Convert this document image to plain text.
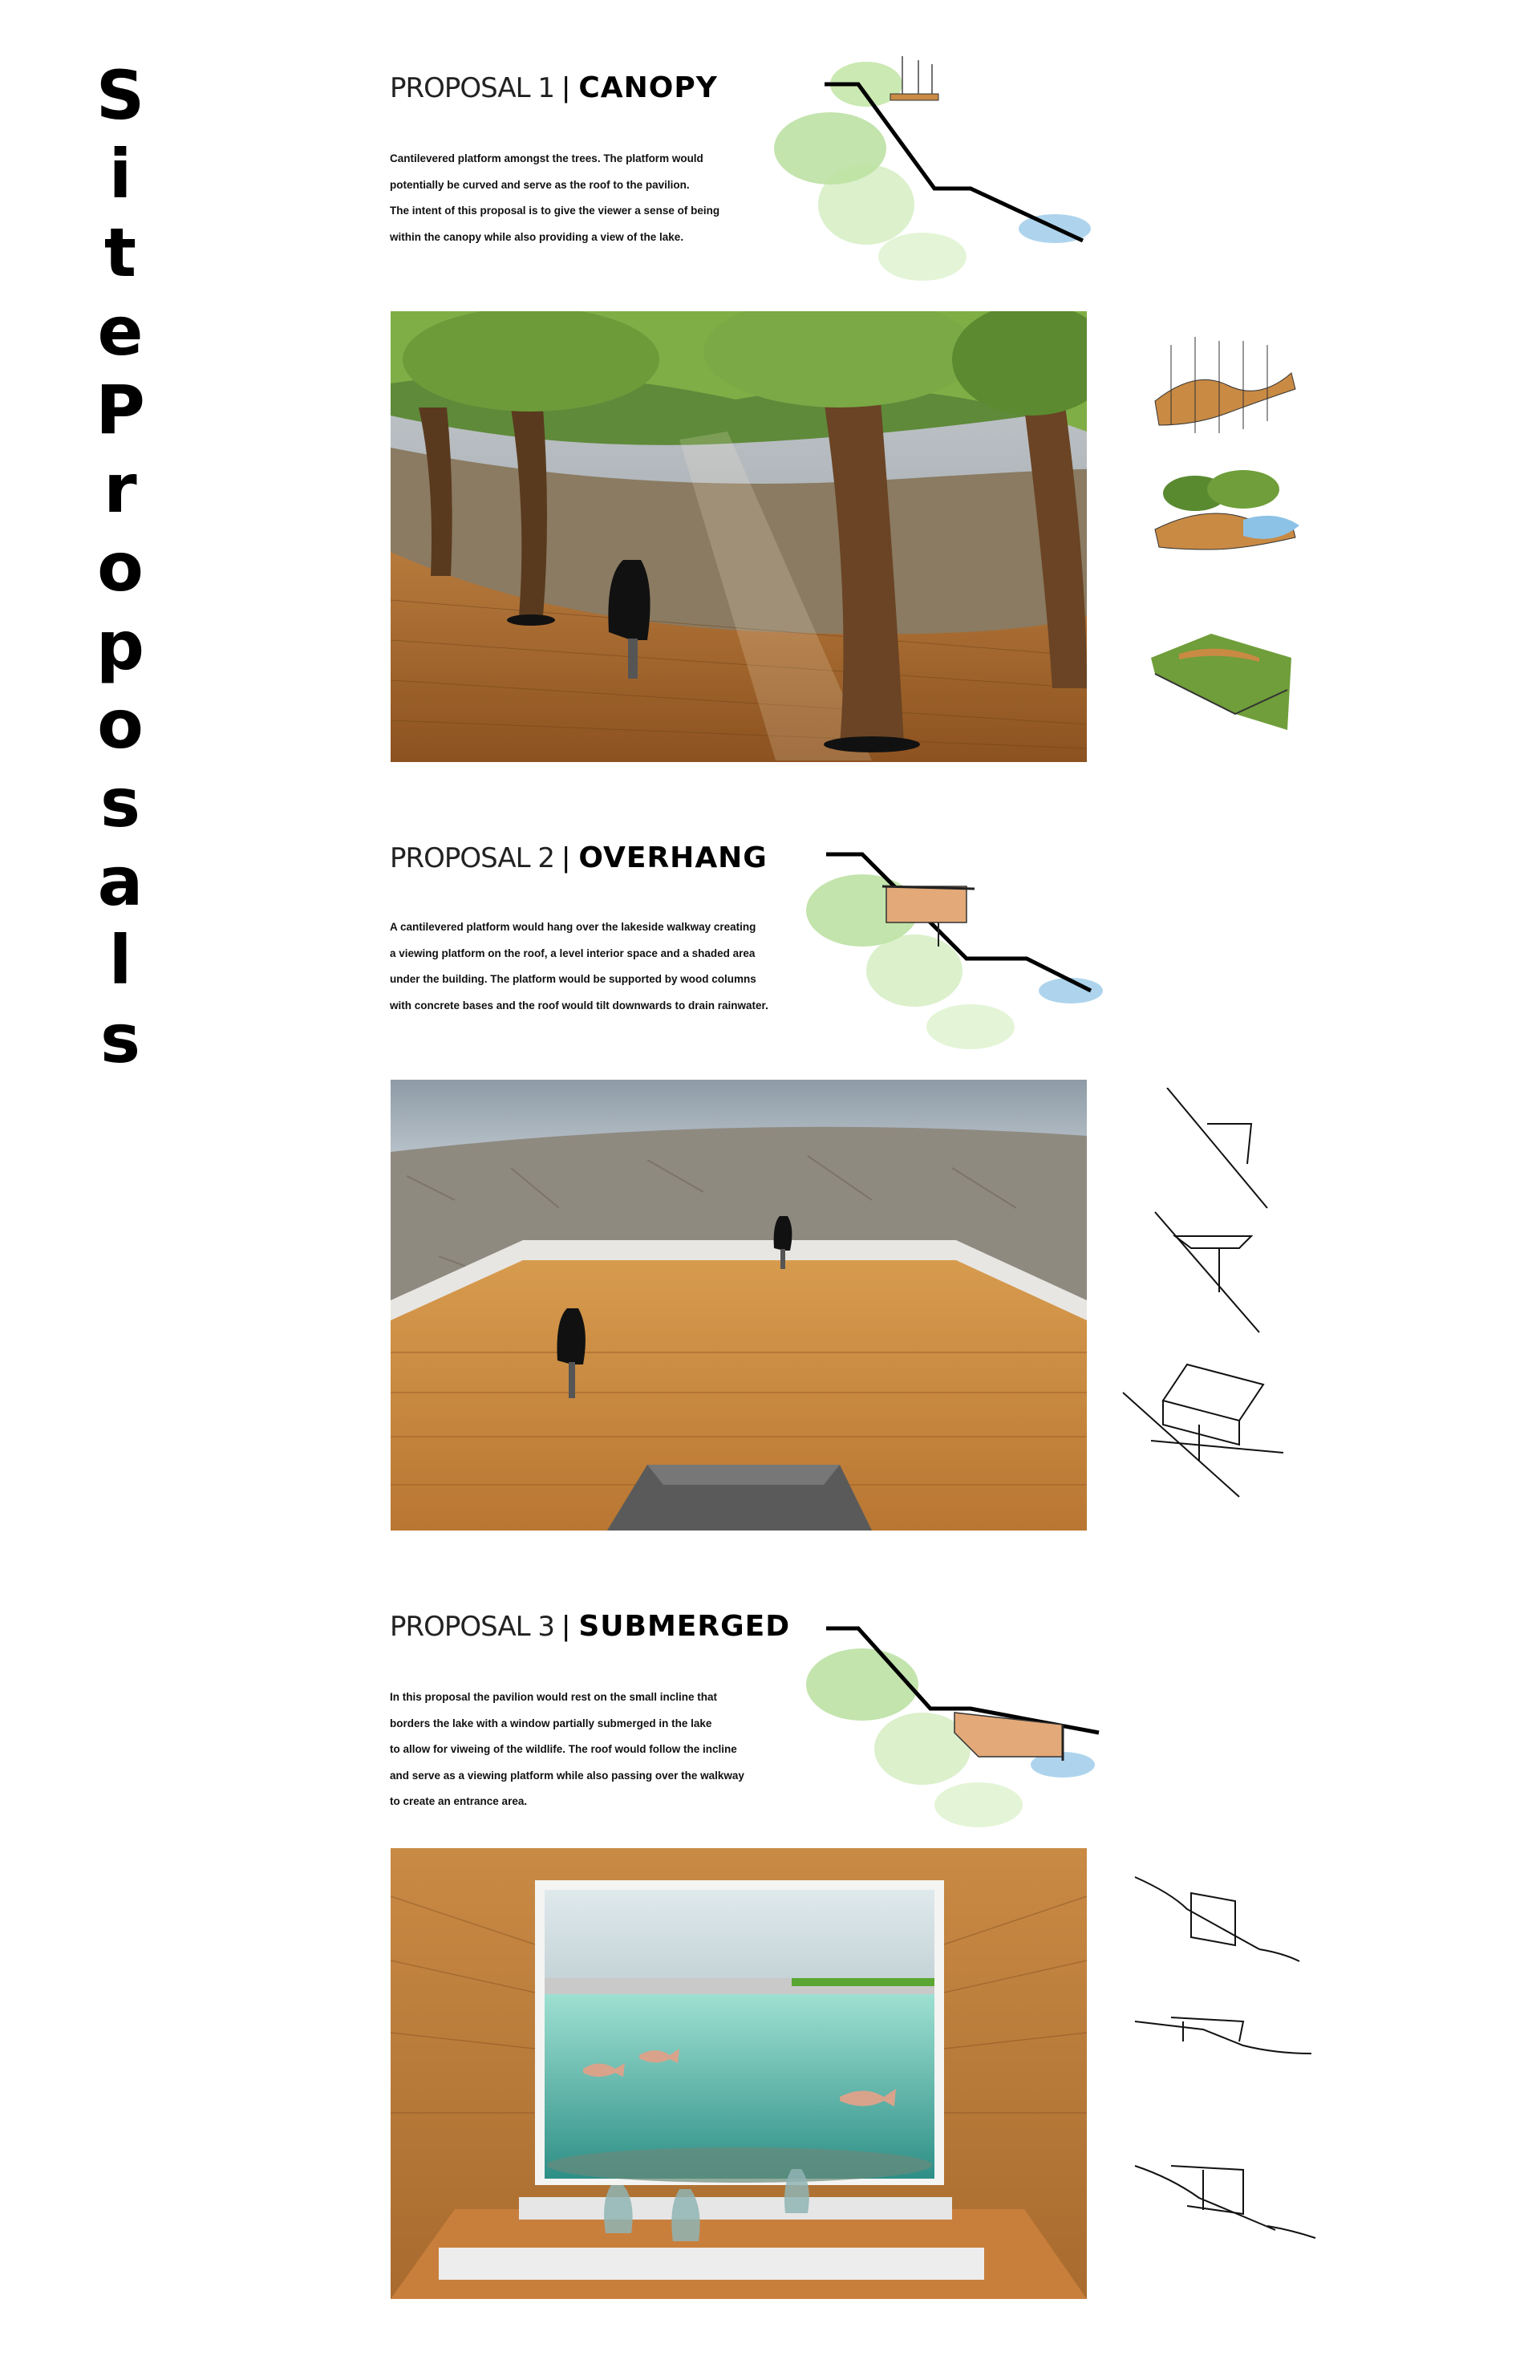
S
i
t
e
P
r
o
p
o
s
a
l
s
PROPOSAL 1 | CANOPY
Cantilevered platform amongst the trees. The platform would
potentially be curved and serve as the roof to the pavilion.
The intent of this proposal is to give the viewer a sense of being
within the canopy while also providing a view of the lake.
PROPOSAL 2 | OVERHANG
A cantilevered platform would hang over the lakeside walkway creating
a viewing platform on the roof, a level interior space and a shaded area
under the building. The platform would be supported by wood columns
with concrete bases and the roof would tilt downwards to drain rainwater.
PROPOSAL 3 | SUBMERGED
In this proposal the pavilion would rest on the small incline that
borders the lake with a window partially submerged in the lake
to allow for viweing of the wildlife. The roof would follow the incline
and serve as a viewing platform while also passing over the walkway
to create an entrance area.
